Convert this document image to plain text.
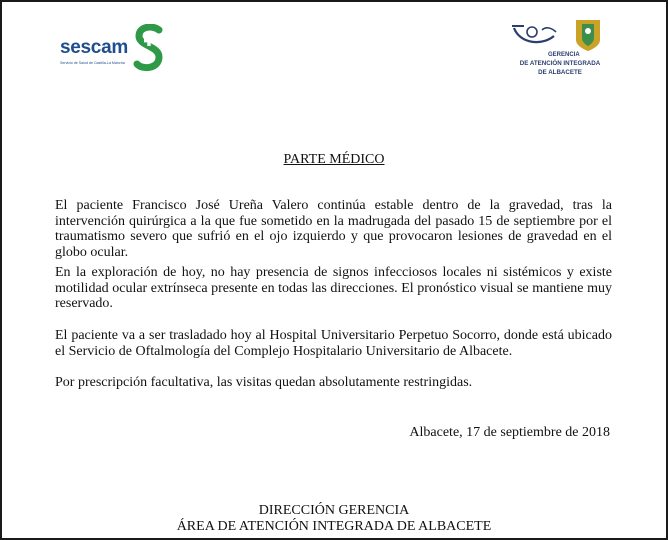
sescam
Servicio de Salud de Castilla-La Mancha
GERENCIA
DE ATENCIÓN INTEGRADA
DE ALBACETE
PARTE MÉDICO

El paciente Francisco José Ureña Valero continúa estable dentro de la gravedad, tras la intervención quirúrgica a la que fue sometido en la madrugada del pasado 15 de septiembre por el traumatismo severo que sufrió en el ojo izquierdo y que provocaron lesiones de gravedad en el globo ocular.

En la exploración de hoy, no hay presencia de signos infecciosos locales ni sistémicos y existe motilidad ocular extrínseca presente en todas las direcciones. El pronóstico visual se mantiene muy reservado.

El paciente va a ser trasladado hoy al Hospital Universitario Perpetuo Socorro, donde está ubicado el Servicio de Oftalmología del Complejo Hospitalario Universitario de Albacete.

Por prescripción facultativa, las visitas quedan absolutamente restringidas.

Albacete, 17 de septiembre de 2018
DIRECCIÓN GERENCIA
ÁREA DE ATENCIÓN INTEGRADA DE ALBACETE
